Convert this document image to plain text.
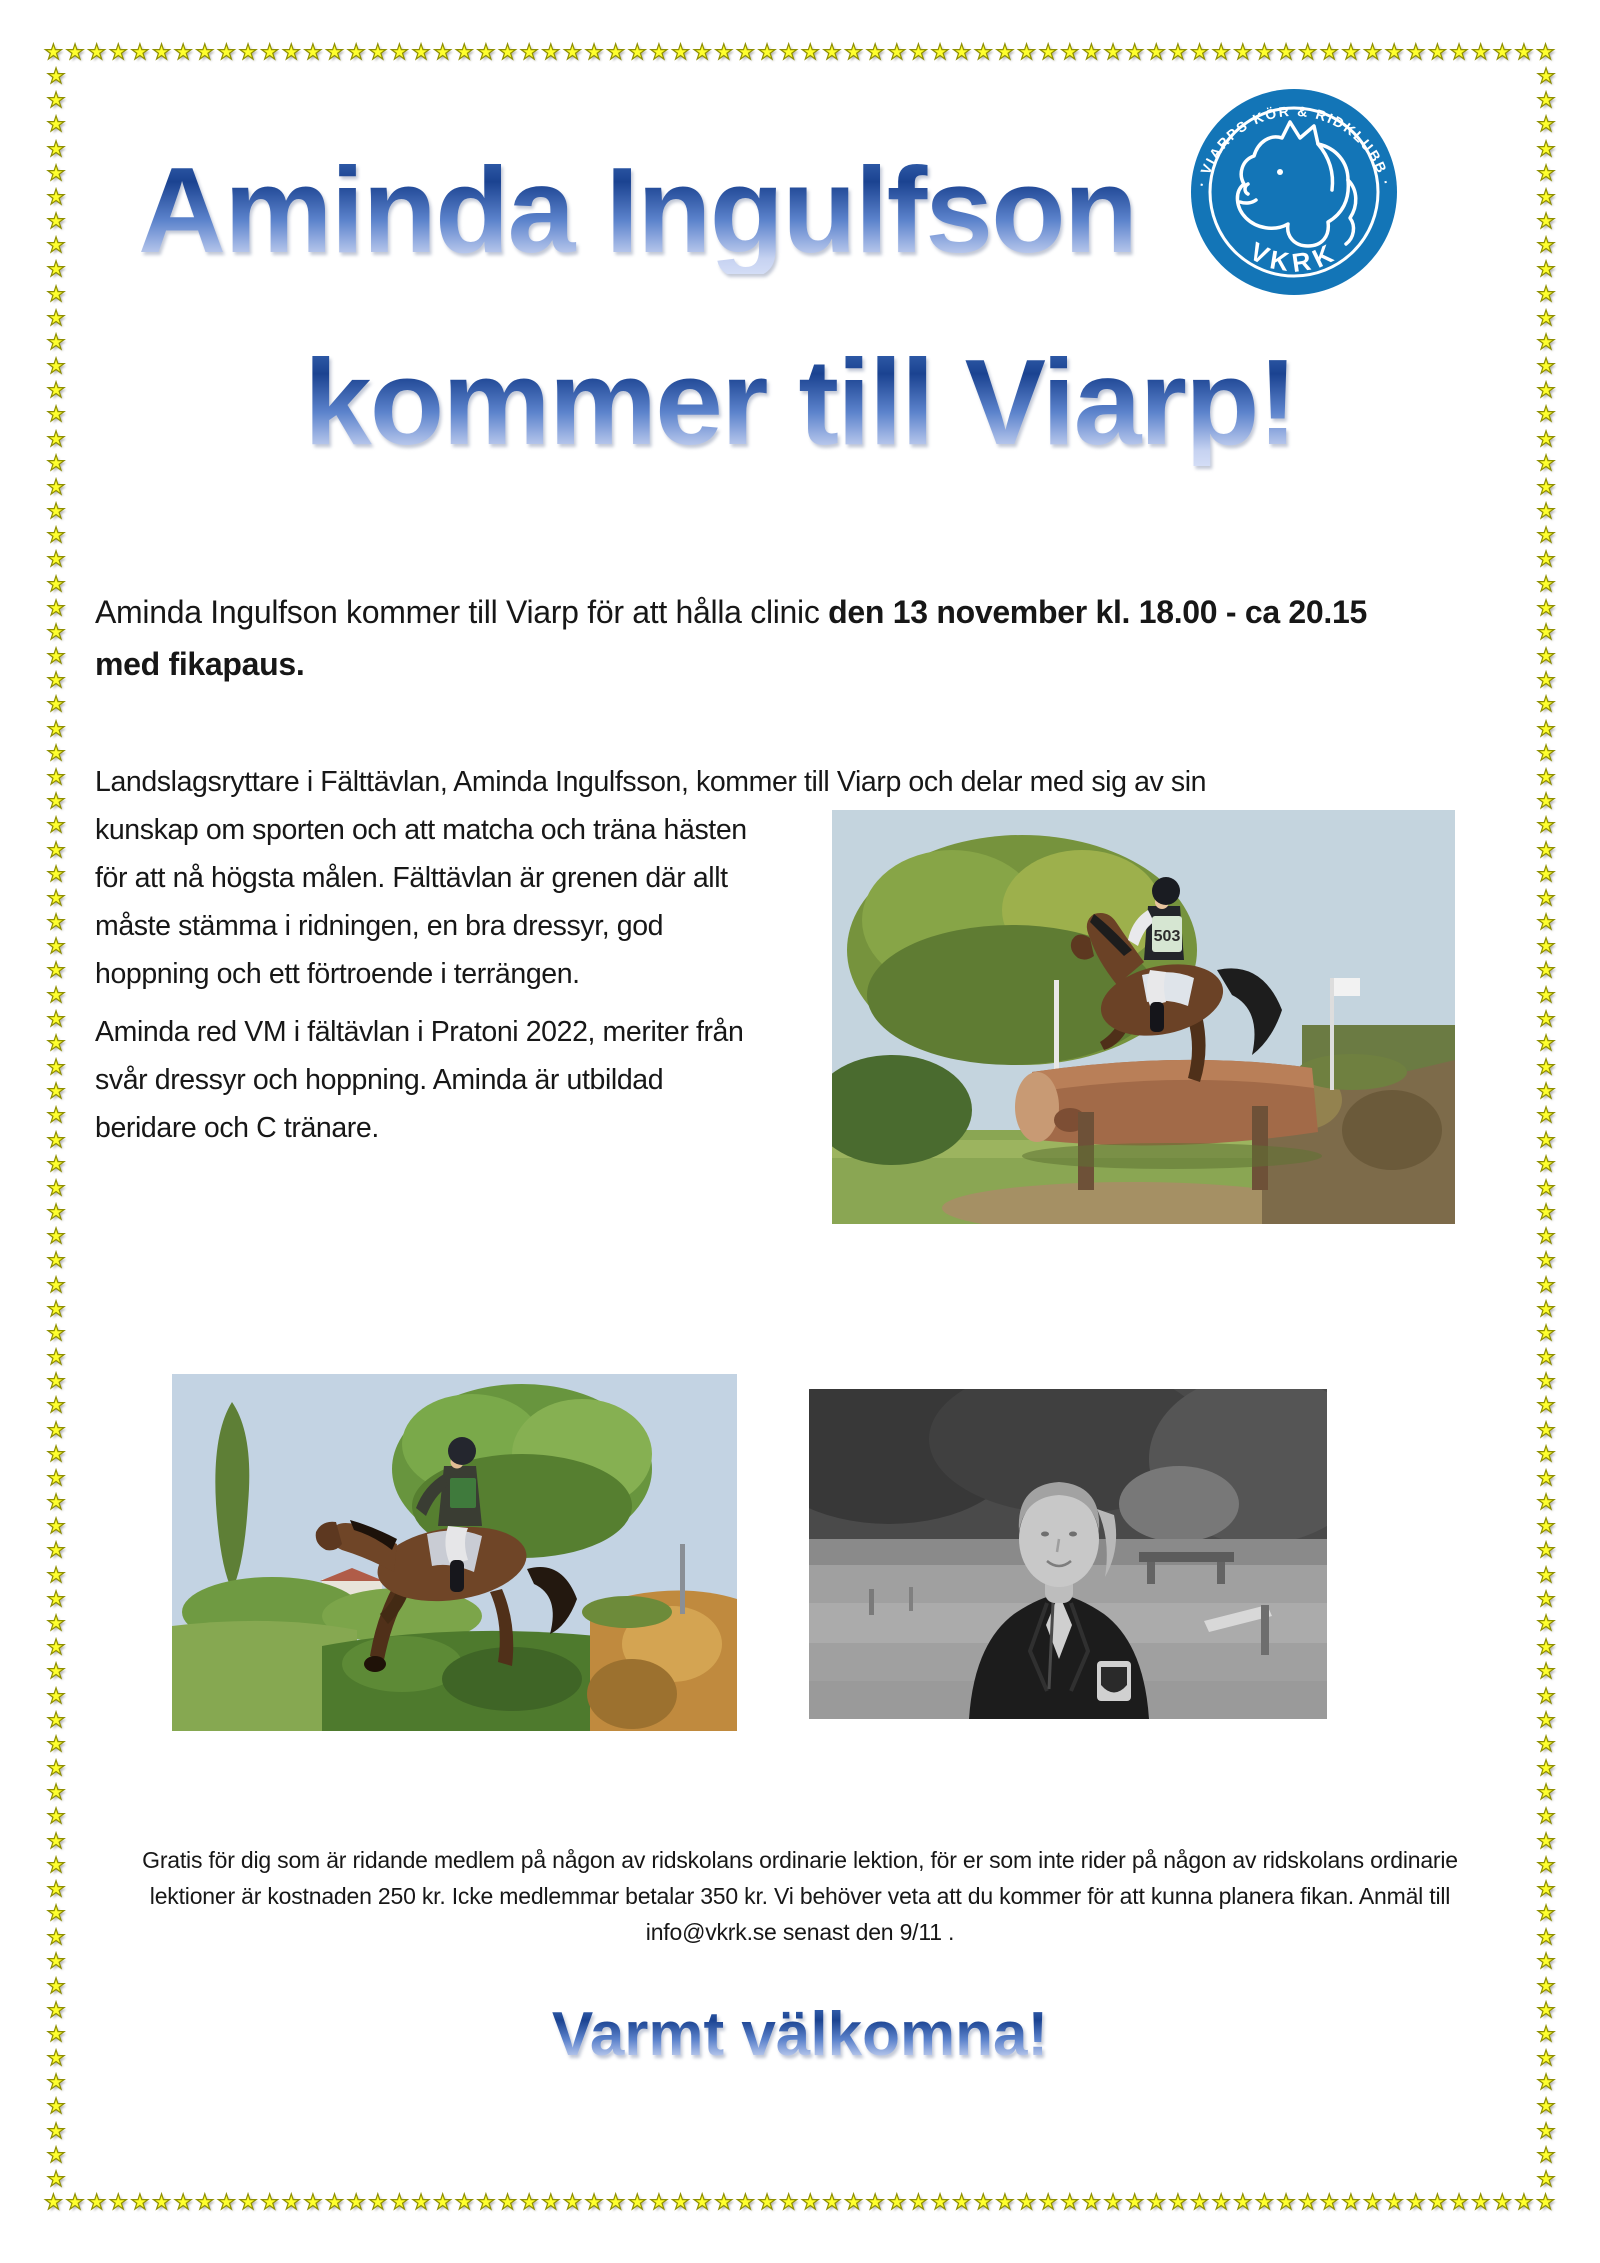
★ ★ ★ ★ ★ ★ ★ ★ ★ ★ ★ ★ ★ ★ ★ ★ ★ ★ ★ ★ ★ ★ ★ ★ ★ ★ ★ ★ ★ ★ ★ ★ ★ ★ ★ ★ ★ ★ ★ ★ ★ ★ ★ ★ ★ ★ ★ ★ ★ ★ ★ ★ ★ ★ ★ ★ ★ ★ ★ ★ ★ ★ ★ ★ ★ ★ ★ ★ ★ ★
★ ★ ★ ★ ★ ★ ★ ★ ★ ★ ★ ★ ★ ★ ★ ★ ★ ★ ★ ★ ★ ★ ★ ★ ★ ★ ★ ★ ★ ★ ★ ★ ★ ★ ★ ★ ★ ★ ★ ★ ★ ★ ★ ★ ★ ★ ★ ★ ★ ★ ★ ★ ★ ★ ★ ★ ★ ★ ★ ★ ★ ★ ★ ★ ★ ★ ★ ★ ★ ★
★
★
★
★
★
★
★
★
★
★
★
★
★
★
★
★
★
★
★
★
★
★
★
★
★
★
★
★
★
★
★
★
★
★
★
★
★
★
★
★
★
★
★
★
★
★
★
★
★
★
★
★
★
★
★
★
★
★
★
★
★
★
★
★
★
★
★
★
★
★
★
★
★
★
★
★
★
★
★
★
★
★
★
★
★
★
★
★
★
★
★
★
★
★
★
★
★
★
★
★
★
★
★
★
★
★
★
★
★
★
★
★
★
★
★
★
★
★
★
★
★
★
★
★
★
★
★
★
★
★
★
★
★
★
★
★
★
★
★
★
★
★
★
★
★
★
★
★
★
★
★
★
★
★
★
★
★
★
★
★
★
★
★
★
★
★
★
★
★
★
★
★
★
★
★
★
Aminda Ingulfson
kommer till Viarp!
· VIARPS KÖR & RIDKLUBB ·
VKRK
Aminda Ingulfson kommer till Viarp för att hålla clinic den 13 november kl. 18.00 - ca 20.15 med fikapaus.
Landslagsryttare i Fälttävlan, Aminda Ingulfsson, kommer till Viarp och delar med sig av sin

kunskap om sporten och att matcha och träna hästen för att nå högsta målen. Fälttävlan är grenen där allt måste stämma i ridningen, en bra dressyr, god hoppning och ett förtroende i terrängen.

Aminda red VM i fältävlan i Pratoni 2022, meriter från svår dressyr och hoppning. Aminda är utbildad beridare och C tränare.

503
Gratis för dig som är ridande medlem på någon av ridskolans ordinarie lektion, för er som inte rider på någon av ridskolans ordinarie lektioner är kostnaden 250 kr. Icke medlemmar betalar 350 kr. Vi behöver veta att du kommer för att kunna planera fikan. Anmäl till info@vkrk.se senast den 9/11 .
Varmt välkomna!
